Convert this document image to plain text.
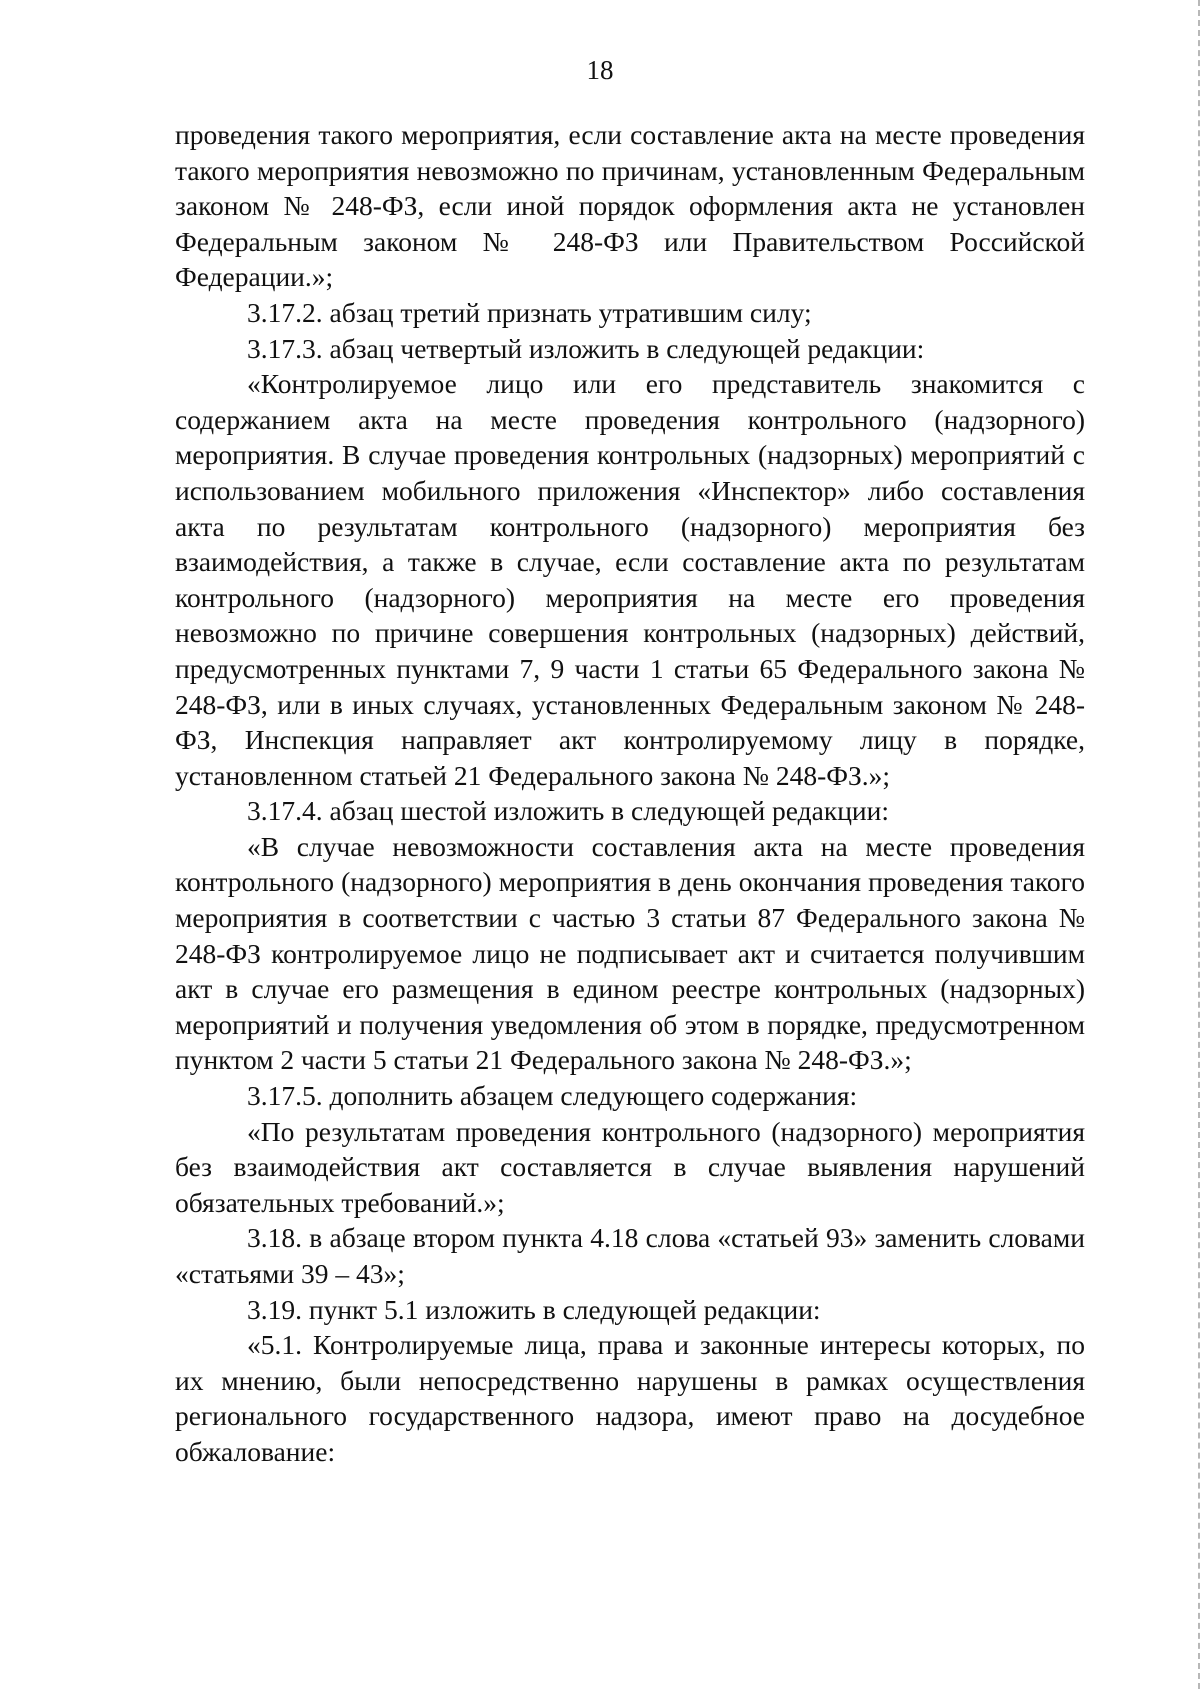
18

проведения такого мероприятия, если составление акта на месте проведения такого мероприятия невозможно по причинам, установленным Федеральным законом № 248-ФЗ, если иной порядок оформления акта не установлен Федеральным законом № 248-ФЗ или Правительством Российской Федерации.»;

3.17.2. абзац третий признать утратившим силу;

3.17.3. абзац четвертый изложить в следующей редакции:

«Контролируемое лицо или его представитель знакомится с содержанием акта на месте проведения контрольного (надзорного) мероприятия. В случае проведения контрольных (надзорных) мероприятий с использованием мобильного приложения «Инспектор» либо составления акта по результатам контрольного (надзорного) мероприятия без взаимодействия, а также в случае, если составление акта по результатам контрольного (надзорного) мероприятия на месте его проведения невозможно по причине совершения контрольных (надзорных) действий, предусмотренных пунктами 7, 9 части 1 статьи 65 Федерального закона № 248-ФЗ, или в иных случаях, установленных Федеральным законом № 248-ФЗ, Инспекция направляет акт контролируемому лицу в порядке, установленном статьей 21 Федерального закона № 248-ФЗ.»;

3.17.4. абзац шестой изложить в следующей редакции:

«В случае невозможности составления акта на месте проведения контрольного (надзорного) мероприятия в день окончания проведения такого мероприятия в соответствии с частью 3 статьи 87 Федерального закона № 248-ФЗ контролируемое лицо не подписывает акт и считается получившим акт в случае его размещения в едином реестре контрольных (надзорных) мероприятий и получения уведомления об этом в порядке, предусмотренном пунктом 2 части 5 статьи 21 Федерального закона № 248-ФЗ.»;

3.17.5. дополнить абзацем следующего содержания:

«По результатам проведения контрольного (надзорного) мероприятия без взаимодействия акт составляется в случае выявления нарушений обязательных требований.»;

3.18. в абзаце втором пункта 4.18 слова «статьей 93» заменить словами «статьями 39 – 43»;

3.19. пункт 5.1 изложить в следующей редакции:

«5.1. Контролируемые лица, права и законные интересы которых, по их мнению, были непосредственно нарушены в рамках осуществления регионального государственного надзора, имеют право на досудебное обжалование:
